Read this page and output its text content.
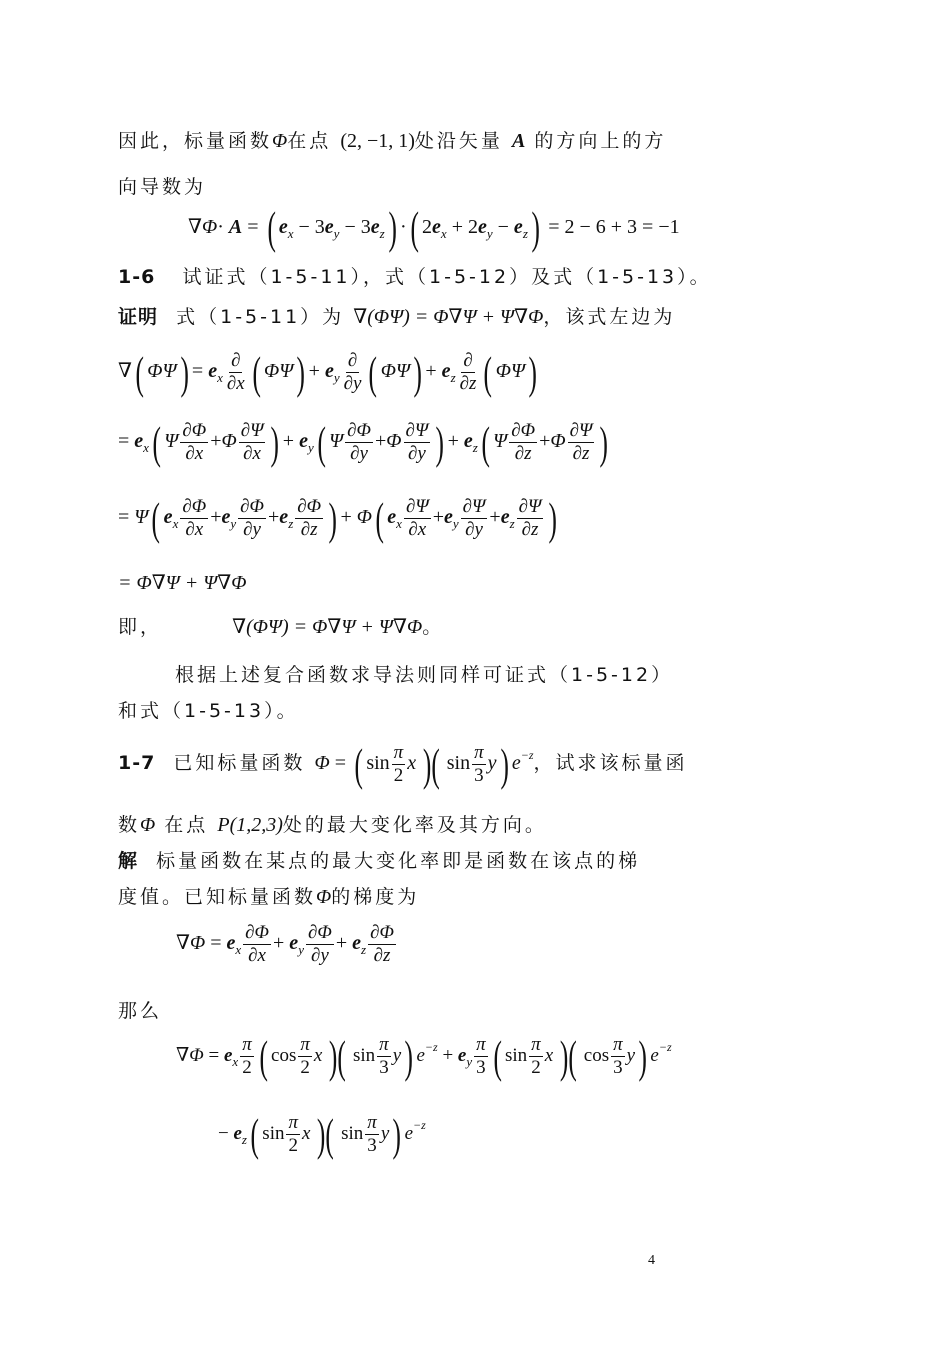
因此，标量函数Φ在点 (2, −1, 1)处沿矢量 A 的方向上的方
向导数为
∇Φ· A = ( $e_x - 3e_y - 3e_z$) ·( $2e_x + 2e_y - e_z) = 2 - 6 + 3 = -1$
1-6 试证式（1-5-11），式（1-5-12）及式（1-5-13）。
证明 式（1-5-11）为 ∇(ΦΨ) = Φ∇Ψ + Ψ∇Φ，该式左边为
∇( $\Phi\Psi) = e_x \frac{\partial}{\partial x}$ ( $\Phi\Psi) + e_y \frac{\partial}{\partial y}$ ( $\Phi\Psi) + e_z \frac{\partial}{\partial z}$ ( ΦΨ)
= $e_x$( Ψ $\frac{\partial\Phi}{\partial x} +\Phi \frac{\partial\Psi}{\partial x}$ ) + $e_y$( Ψ $\frac{\partial\Phi}{\partial y} +\Phi \frac{\partial\Psi}{\partial y}$ ) + $e_z$( Ψ $\frac{\partial\Phi}{\partial z} +\Phi \frac{\partial\Psi}{\partial z}$ )
= Ψ( $e_x \frac{\partial\Phi}{\partial x} +e_y \frac{\partial\Phi}{\partial y} +e_z \frac{\partial\Phi}{\partial z}$ ) + Φ( $e_x \frac{\partial\Psi}{\partial x} +e_y \frac{\partial\Psi}{\partial y} +e_z \frac{\partial\Psi}{\partial z}$ )
= Φ∇Ψ + Ψ∇Φ
即，	∇(ΦΨ) = Φ∇Ψ + Ψ∇Φ。
根据上述复合函数求导法则同样可证式（1-5-12）
和式（1-5-13）。
1-7 已知标量函数 Φ = ( $\sin \frac{\pi}{2}$ x )( $\sin \frac{\pi}{3} y$) $e^{-z}$，试求该标量函
数Φ 在点 P(1,2,3)处的最大变化率及其方向。
解 标量函数在某点的最大变化率即是函数在该点的梯
度值。已知标量函数Φ的梯度为
$\nabla\Phi = e_x \frac{\partial\Phi}{\partial x} + e_y \frac{\partial\Phi}{\partial y} + e_z \frac{\partial\Phi}{\partial z}$
那么
$\nabla\Phi = e_x \frac{\pi}{2}$ ( $\cos \frac{\pi}{2}$ x )( $\sin \frac{\pi}{3} y$) $e^{-z} + e_y \frac{\pi}{3}$ ( $\sin \frac{\pi}{2}$ x )( $\cos \frac{\pi}{3} y$) $e^{-z}$
− $e_z$( $\sin \frac{\pi}{2}$ x )( $\sin \frac{\pi}{3} y$) $e^{-z}$
4
